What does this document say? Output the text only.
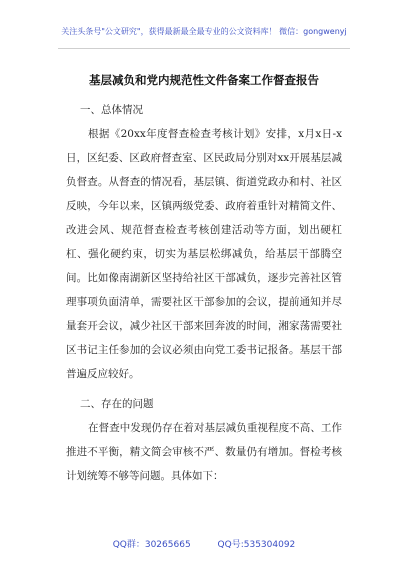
关注头条号"公文研究"，获得最新最全最专业的公文资料库！ 微信：gongwenyj
基层减负和党内规范性文件备案工作督查报告
一、总体情况
根据《20xx年度督查检查考核计划》安排，x月x日-x日，区纪委、区政府督查室、区民政局分别对xx开展基层减负督查。从督查的情况看，基层镇、街道党政办和村、社区反映，今年以来，区镇两级党委、政府着重针对精简文件、改进会风、规范督查检查考核创建活动等方面，划出硬杠杠、强化硬约束，切实为基层松绑减负，给基层干部腾空间。比如像南湖新区坚持给社区干部减负，逐步完善社区管理事项负面清单，需要社区干部参加的会议，提前通知并尽量套开会议，减少社区干部来回奔波的时间，湘家荡需要社区书记主任参加的会议必须由向党工委书记报备。基层干部普遍反应较好。
二、存在的问题
在督查中发现仍存在着对基层减负重视程度不高、工作推进不平衡，精文简会审核不严、数量仍有增加。督检考核计划统筹不够等问题。具体如下：
QQ群：30265665	QQ号:535304092
